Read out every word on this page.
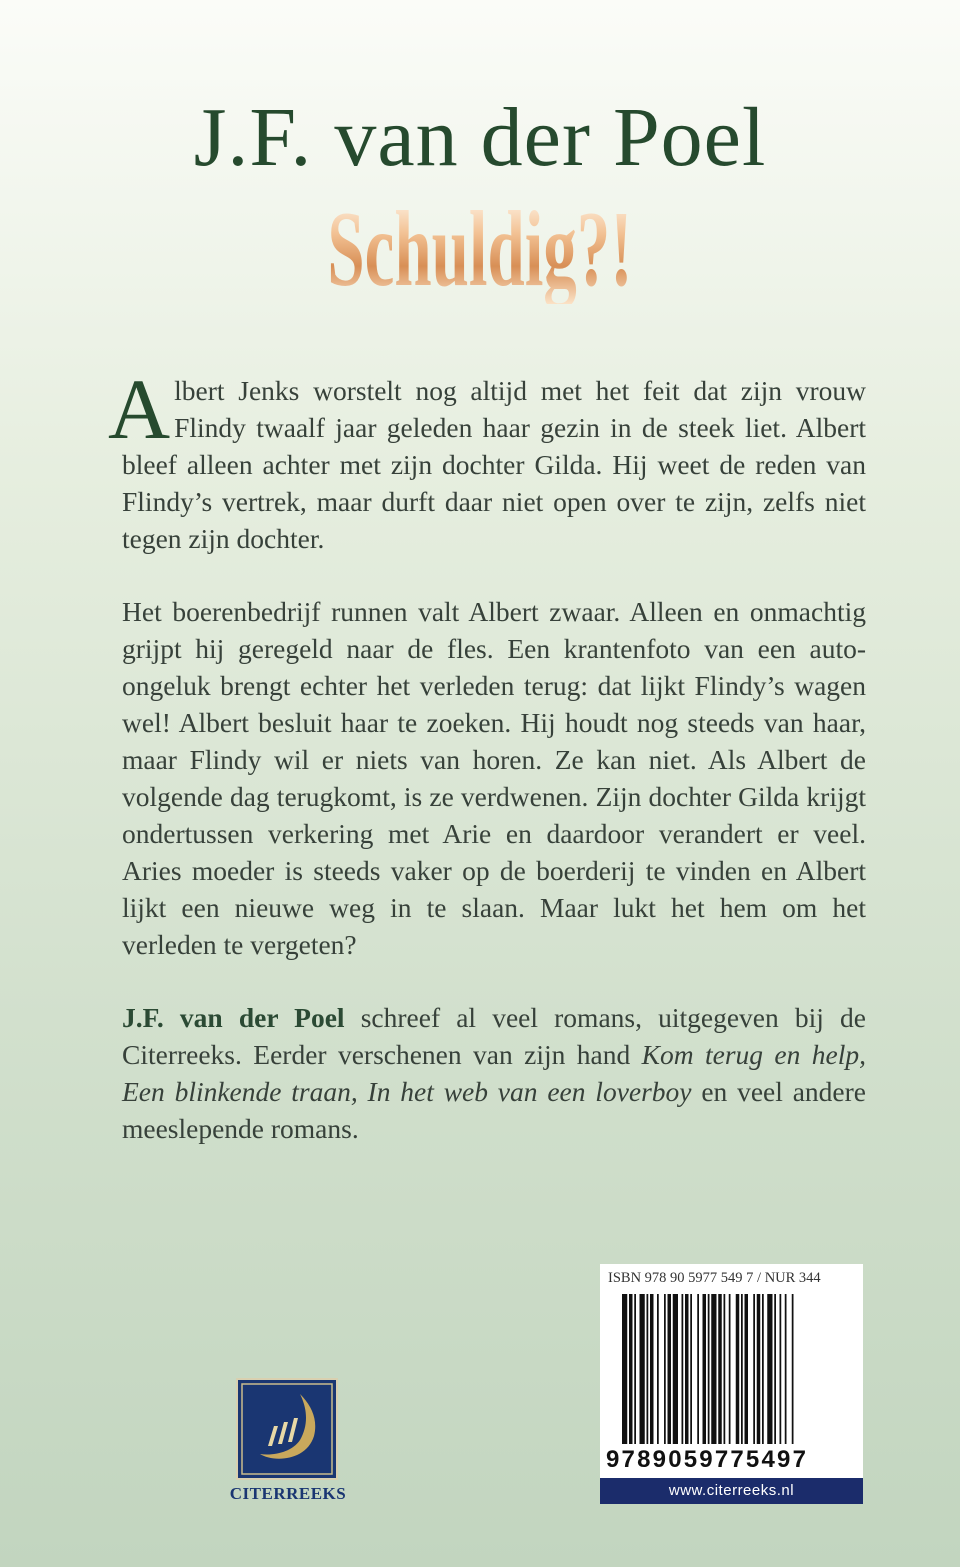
J.F. van der Poel
Schuldig?!

Albert Jenks worstelt nog altijd met het feit dat zijn vrouw Flindy twaalf jaar geleden haar gezin in de steek liet. Albert bleef alleen achter met zijn dochter Gilda. Hij weet de reden van Flindy’s vertrek, maar durft daar niet open over te zijn, zelfs niet tegen zijn dochter.

Het boerenbedrijf runnen valt Albert zwaar. Alleen en onmachtig grijpt hij geregeld naar de fles. Een krantenfoto van een auto-ongeluk brengt echter het verleden terug: dat lijkt Flindy’s wagen wel! Albert besluit haar te zoeken. Hij houdt nog steeds van haar, maar Flindy wil er niets van horen. Ze kan niet. Als Albert de volgende dag terugkomt, is ze verdwenen. Zijn dochter Gilda krijgt ondertussen verkering met Arie en daardoor verandert er veel. Aries moeder is steeds vaker op de boerderij te vinden en Albert lijkt een nieuwe weg in te slaan. Maar lukt het hem om het verleden te vergeten?

J.F. van der Poel schreef al veel romans, uitgegeven bij de Citerreeks. Eerder verschenen van zijn hand Kom terug en help, Een blinkende traan, In het web van een loverboy en veel andere meeslepende romans.

CITERREEKS
ISBN 978 90 5977 549 7 / NUR 344
9789059775497
www.citerreeks.nl
